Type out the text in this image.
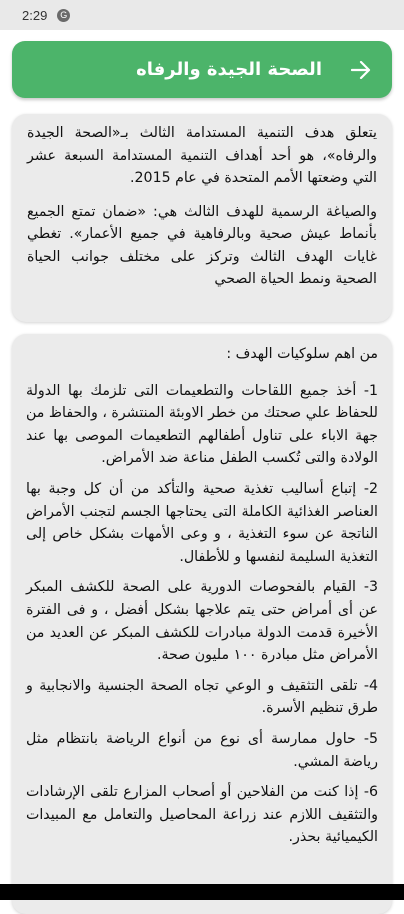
2:29	G
الصحة الجيدة والرفاه

يتعلق هدف التنمية المستدامة الثالث بـ«الصحة الجيدة والرفاه»، هو أحد أهداف التنمية المستدامة السبعة عشر التي وضعتها الأمم المتحدة في عام 2015.

والصياغة الرسمية للهدف الثالث هي: «ضمان تمتع الجميع بأنماط عيش صحية وبالرفاهية في جميع الأعمار». تغطي غايات الهدف الثالث وتركز على مختلف جوانب الحياة الصحية ونمط الحياة الصحي

من اهم سلوكيات الهدف :

1- أخذ جميع اللقاحات والتطعيمات التى تلزمك بها الدولة للحفاظ علي صحتك من خطر الاوبئة المنتشرة ، والحفاظ من جهة الاباء على تناول أطفالهم التطعيمات الموصى بها عند الولادة والتى تُكسب الطفل مناعة ضد الأمراض.

2- إتباع أساليب تغذية صحية والتأكد من أن كل وجبة بها العناصر الغذائية الكاملة التى يحتاجها الجسم لتجنب الأمراض الناتجة عن سوء التغذية ، و وعى الأمهات بشكل خاص إلى التغذية السليمة لنفسها و للأطفال.

3- القيام بالفحوصات الدورية على الصحة للكشف المبكر عن أى أمراض حتى يتم علاجها بشكل أفضل ، و فى الفترة الأخيرة قدمت الدولة مبادرات للكشف المبكر عن العديد من الأمراض مثل مبادرة ١٠٠ مليون صحة.

4- تلقى التثقيف و الوعي تجاه الصحة الجنسية والانجابية و طرق تنظيم الأسرة.

5- حاول ممارسة أى نوع من أنواع الرياضة بانتظام مثل رياضة المشي.

6- إذا كنت من الفلاحين أو أصحاب المزارع تلقى الإرشادات والتثقيف اللازم عند زراعة المحاصيل والتعامل مع المبيدات الكيميائية بحذر.
